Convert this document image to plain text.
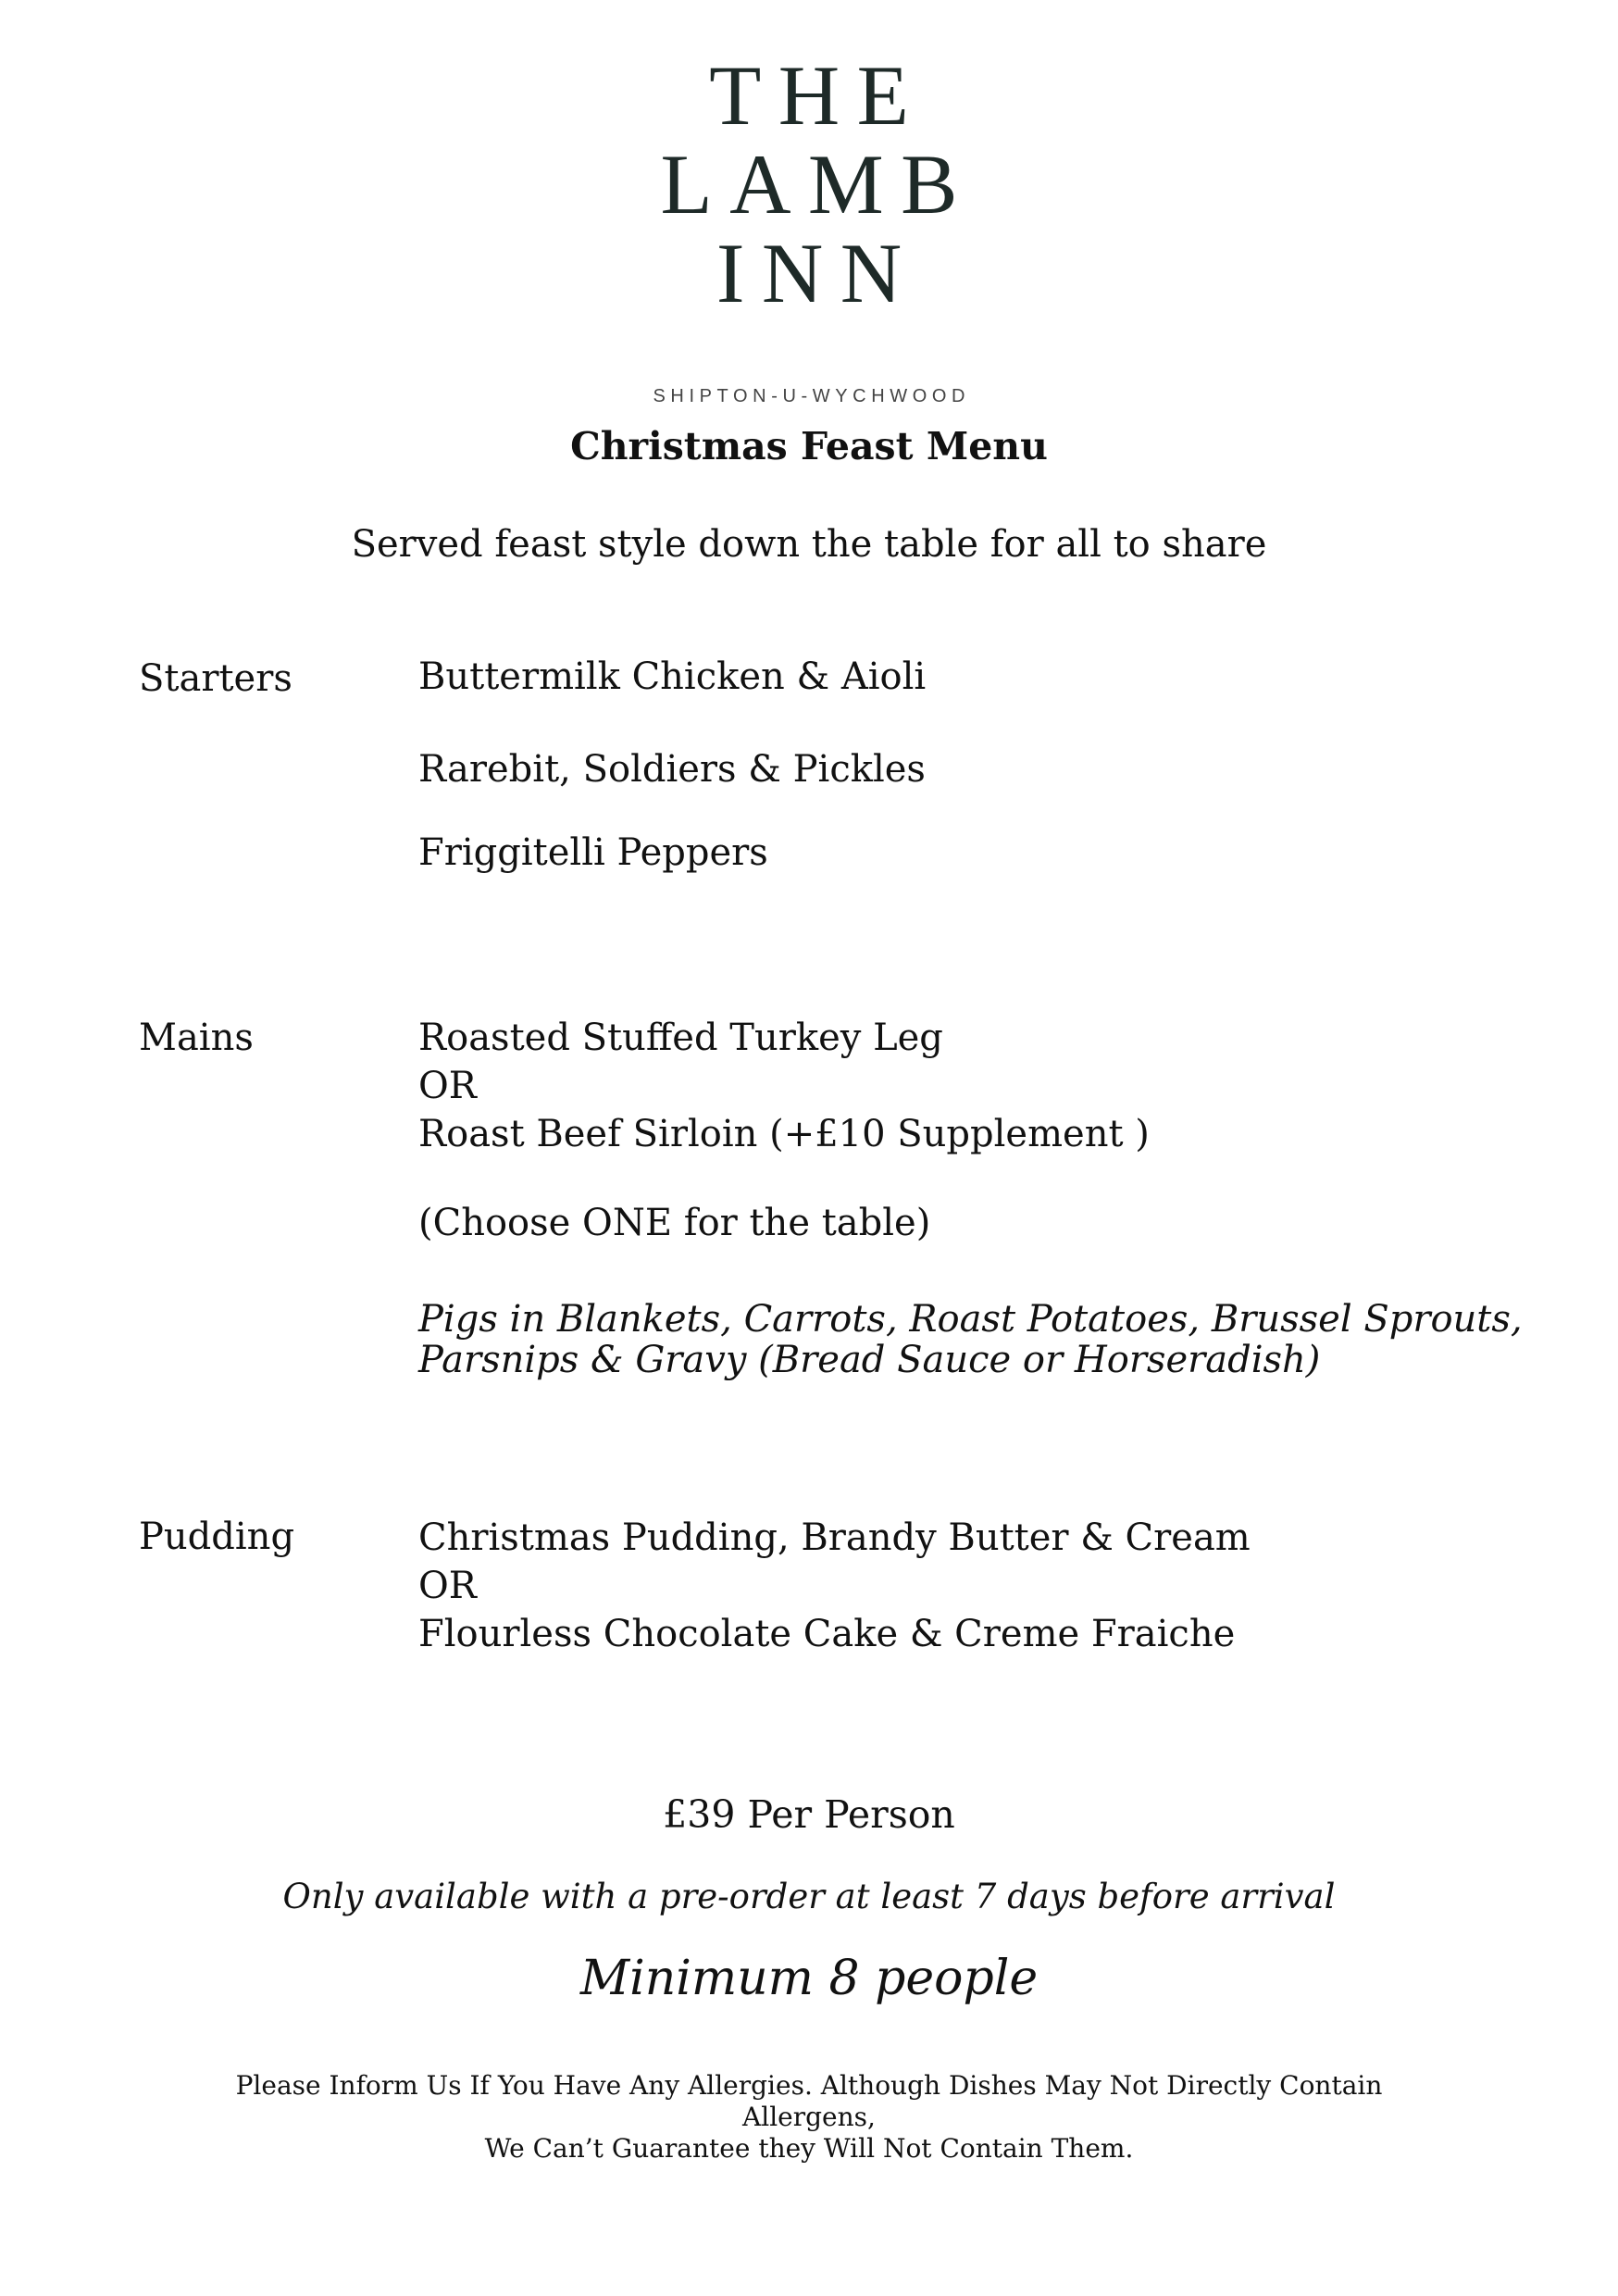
THE
LAMB
INN
SHIPTON-U-WYCHWOOD
Christmas Feast Menu
Served feast style down the table for all to share
Starters	Buttermilk Chicken & Aioli
Rarebit, Soldiers & Pickles
Friggitelli Peppers
Mains	Roasted Stuffed Turkey Leg
OR
Roast Beef Sirloin (+£10 Supplement )
(Choose ONE for the table)
Pigs in Blankets, Carrots, Roast Potatoes, Brussel Sprouts,
Parsnips & Gravy (Bread Sauce or Horseradish)
Pudding	Christmas Pudding, Brandy Butter & Cream
OR
Flourless Chocolate Cake & Creme Fraiche
£39 Per Person
Only available with a pre-order at least 7 days before arrival
Minimum 8 people
Please Inform Us If You Have Any Allergies. Although Dishes May Not Directly Contain
Allergens,
We Can’t Guarantee they Will Not Contain Them.
